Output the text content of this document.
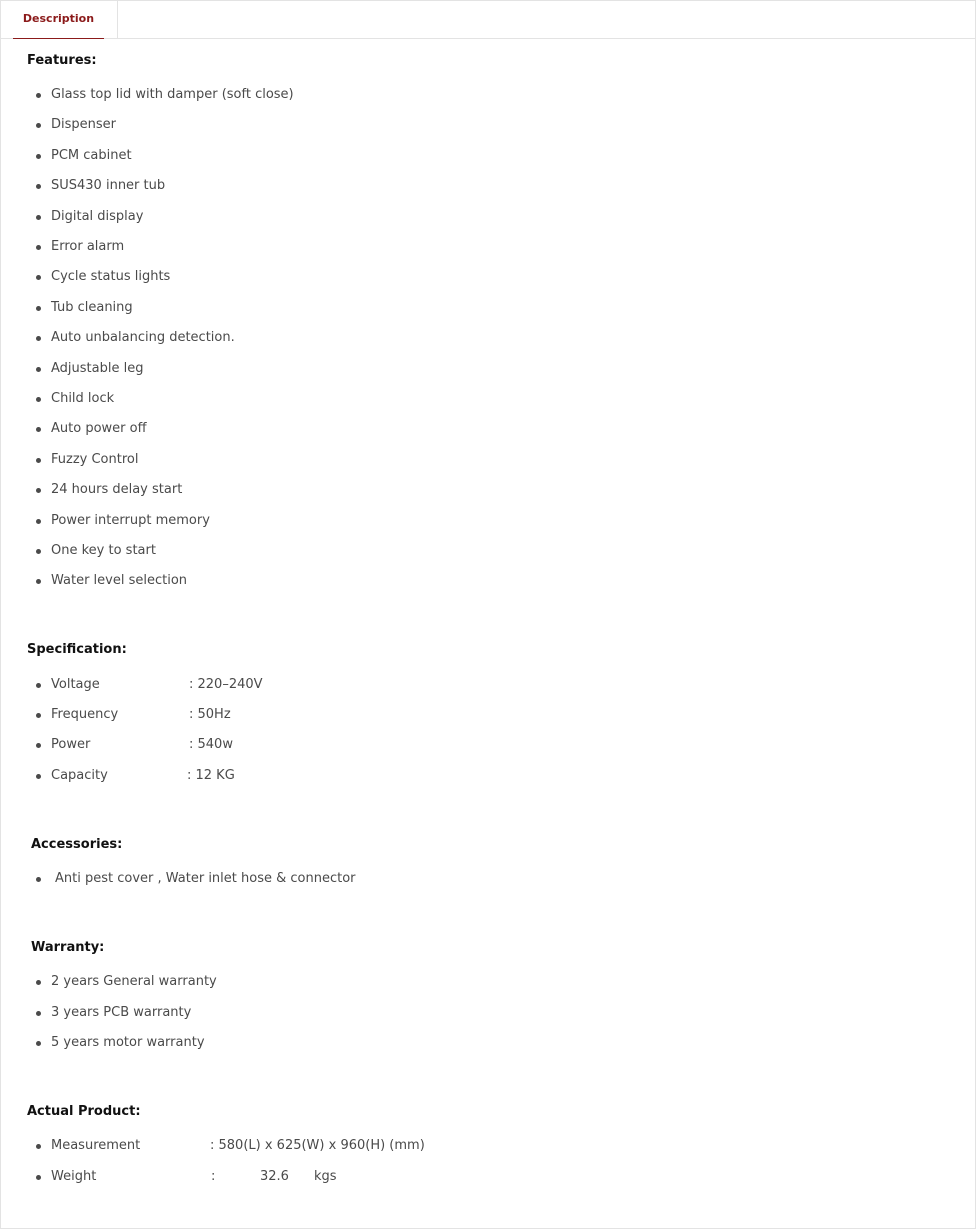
Description
Features:
Glass top lid with damper (soft close)
Dispenser
PCM cabinet
SUS430 inner tub
Digital display
Error alarm
Cycle status lights
Tub cleaning
Auto unbalancing detection.
Adjustable leg
Child lock
Auto power off
Fuzzy Control
24 hours delay start
Power interrupt memory
One key to start
Water level selection
Specification:
Voltage	: 220–240V
Frequency	: 50Hz
Power	: 540w
Capacity	: 12 KG
Accessories:
Anti pest cover , Water inlet hose & connector
Warranty:
2 years General warranty
3 years PCB warranty
5 years motor warranty
Actual Product:
Measurement	: 580(L) x 625(W) x 960(H) (mm)
Weight	:	32.6 kgs
